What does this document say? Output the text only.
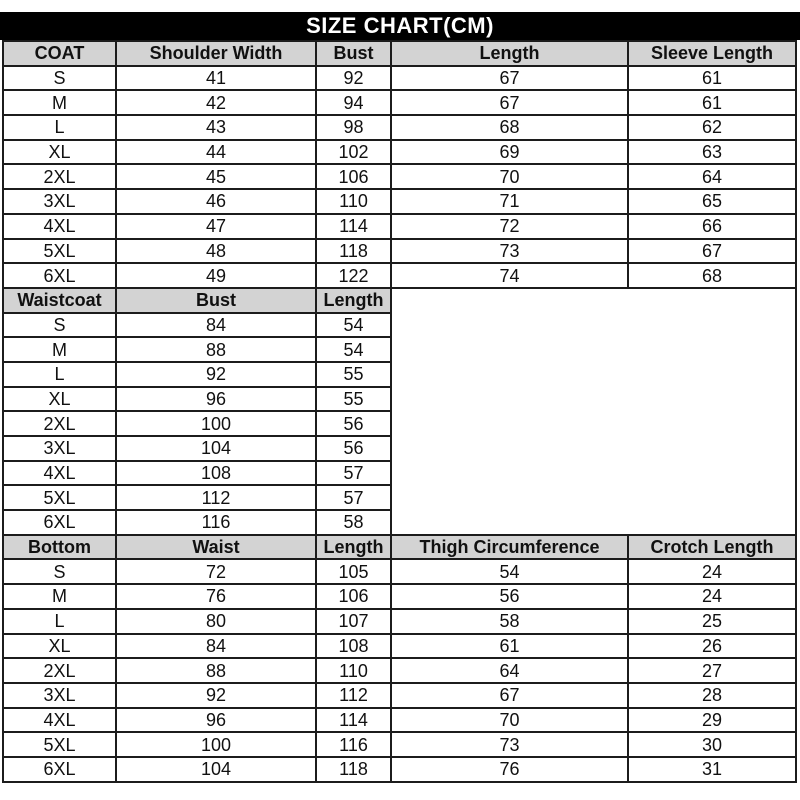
SIZE CHART(CM)
COAT	Shoulder Width	Bust	Length	Sleeve Length
S	41	92	67	61
M	42	94	67	61
L	43	98	68	62
XL	44	102	69	63
2XL	45	106	70	64
3XL	46	110	71	65
4XL	47	114	72	66
5XL	48	118	73	67
6XL	49	122	74	68
Waistcoat	Bust	Length		
S	84	54		
M	88	54		
L	92	55		
XL	96	55		
2XL	100	56		
3XL	104	56		
4XL	108	57		
5XL	112	57		
6XL	116	58		
Bottom	Waist	Length	Thigh Circumference	Crotch Length
S	72	105	54	24
M	76	106	56	24
L	80	107	58	25
XL	84	108	61	26
2XL	88	110	64	27
3XL	92	112	67	28
4XL	96	114	70	29
5XL	100	116	73	30
6XL	104	118	76	31
